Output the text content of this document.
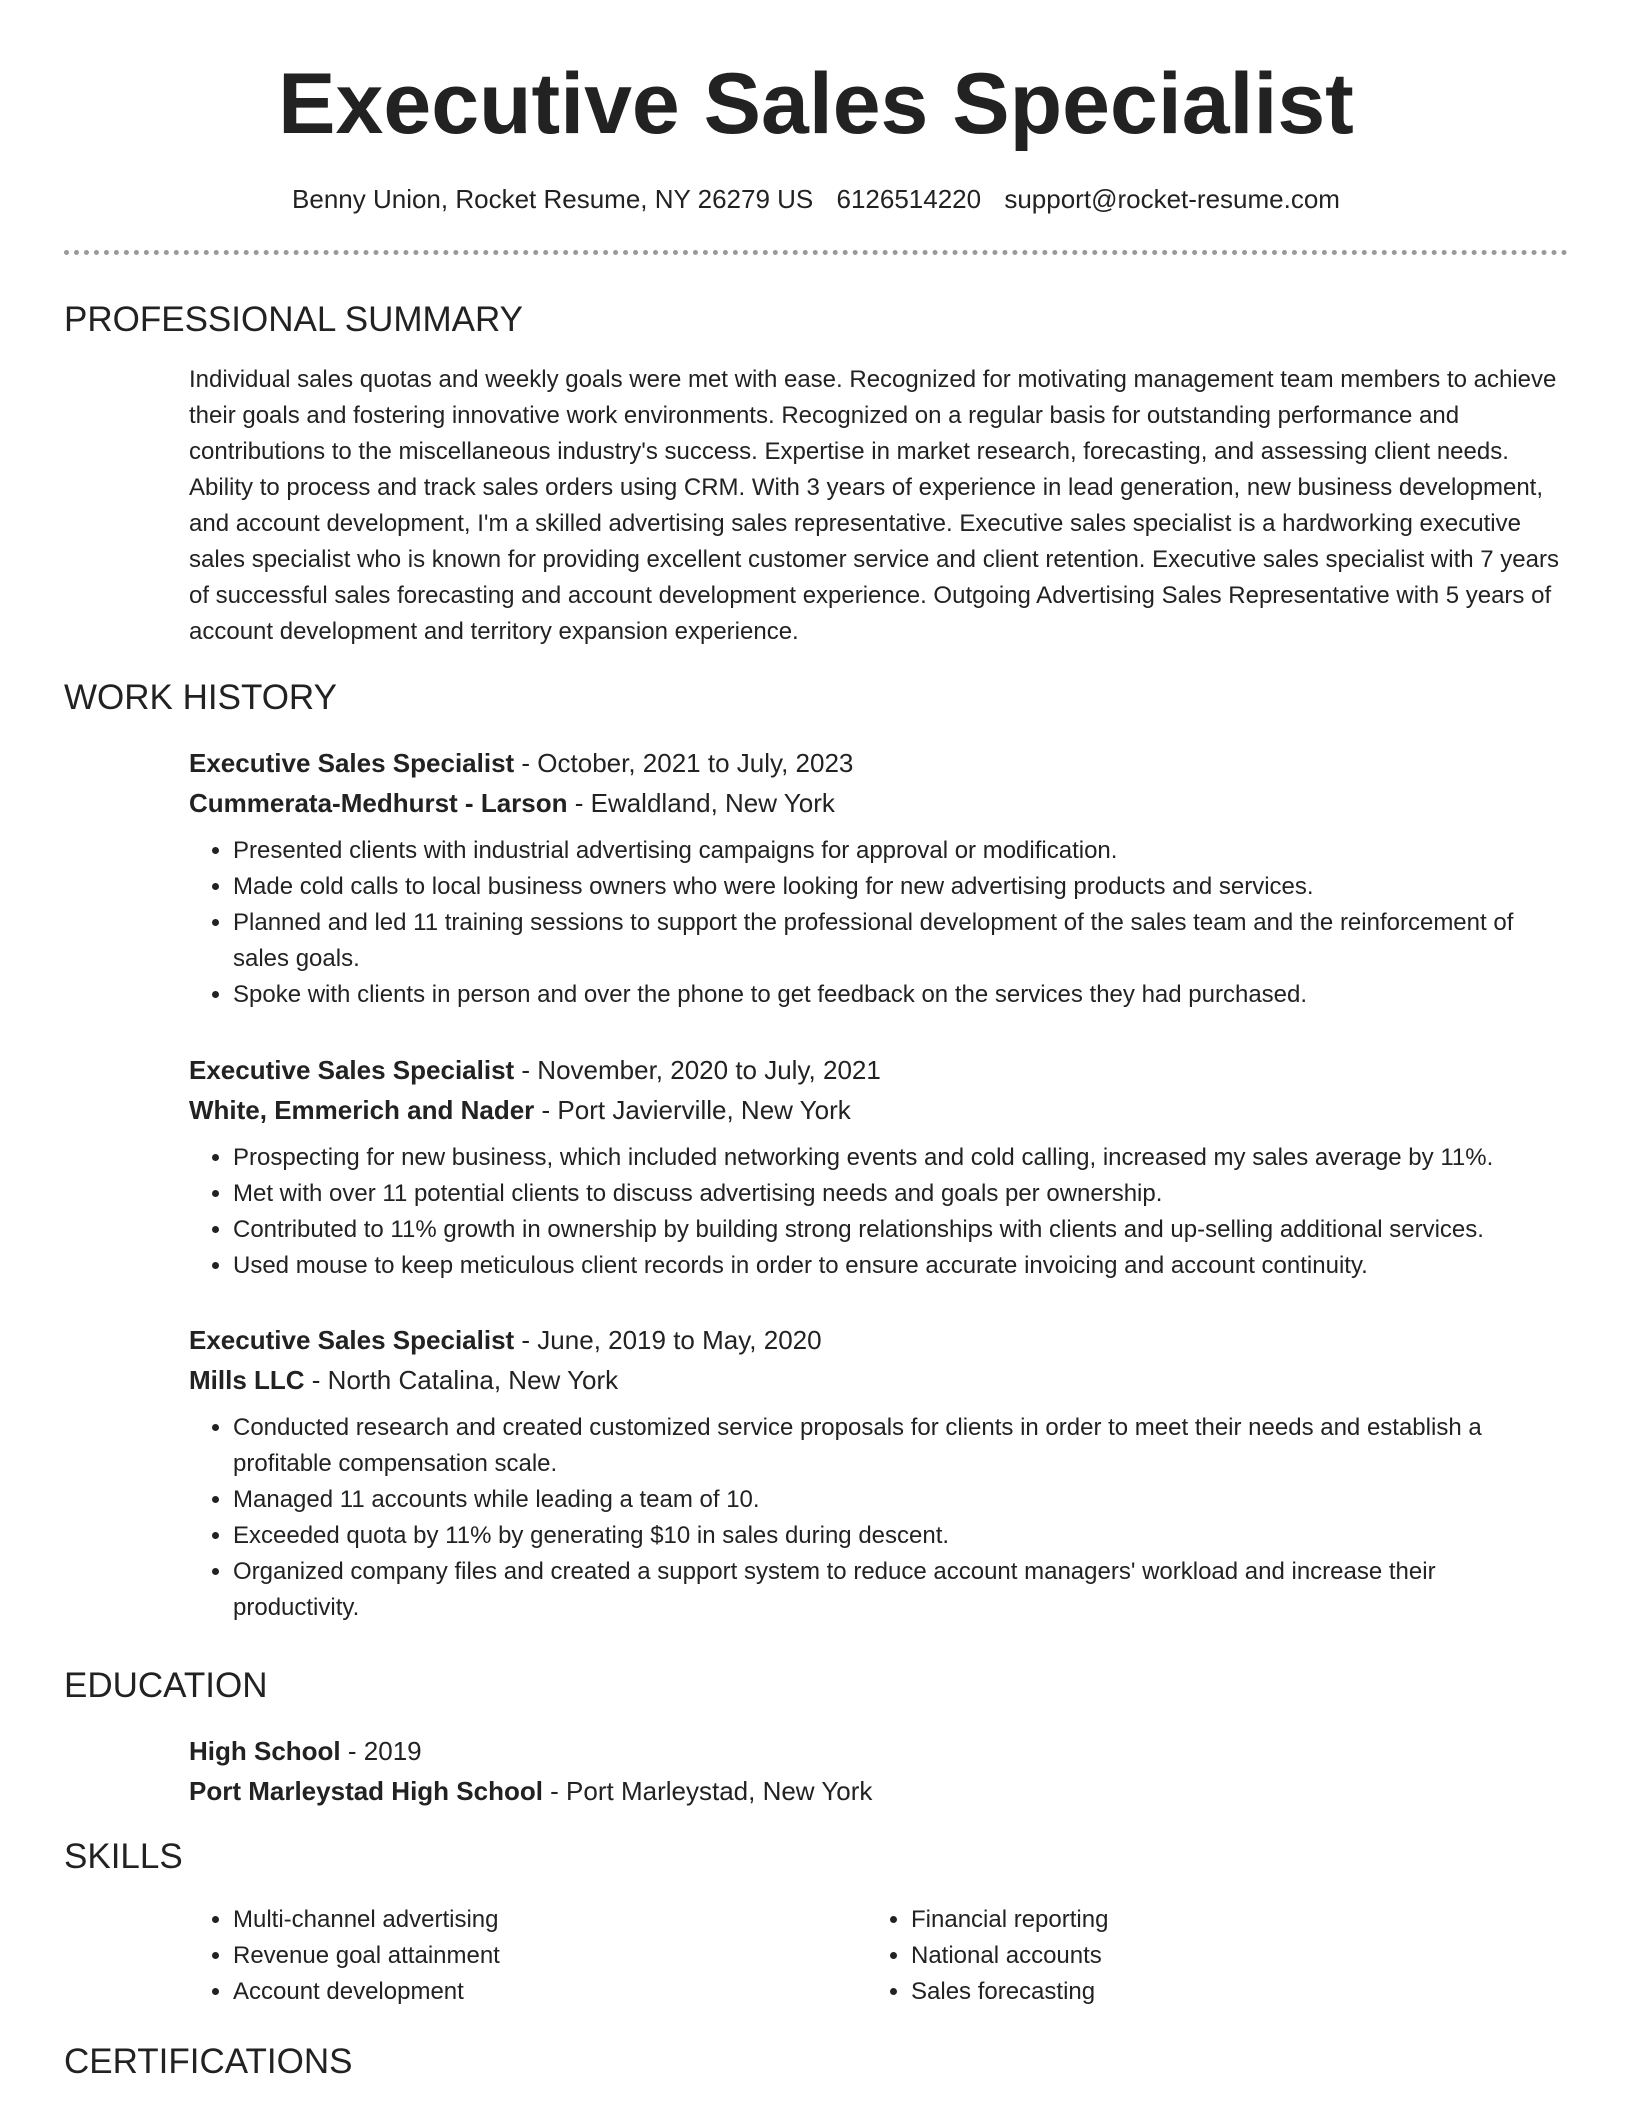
Executive Sales Specialist
Benny Union, Rocket Resume, NY 26279 US 6126514220 support@rocket-resume.com
PROFESSIONAL SUMMARY

Individual sales quotas and weekly goals were met with ease. Recognized for motivating management team members to achieve their goals and fostering innovative work environments. Recognized on a regular basis for outstanding performance and contributions to the miscellaneous industry's success. Expertise in market research, forecasting, and assessing client needs. Ability to process and track sales orders using CRM. With 3 years of experience in lead generation, new business development, and account development, I'm a skilled advertising sales representative. Executive sales specialist is a hardworking executive sales specialist who is known for providing excellent customer service and client retention. Executive sales specialist with 7 years of successful sales forecasting and account development experience. Outgoing Advertising Sales Representative with 5 years of account development and territory expansion experience.

WORK HISTORY

Executive Sales Specialist - October, 2021 to July, 2023

Cummerata-Medhurst - Larson - Ewaldland, New York

• Presented clients with industrial advertising campaigns for approval or modification.
• Made cold calls to local business owners who were looking for new advertising products and services.
• Planned and led 11 training sessions to support the professional development of the sales team and the reinforcement of sales goals.
• Spoke with clients in person and over the phone to get feedback on the services they had purchased.

Executive Sales Specialist - November, 2020 to July, 2021

White, Emmerich and Nader - Port Javierville, New York

• Prospecting for new business, which included networking events and cold calling, increased my sales average by 11%.
• Met with over 11 potential clients to discuss advertising needs and goals per ownership.
• Contributed to 11% growth in ownership by building strong relationships with clients and up-selling additional services.
• Used mouse to keep meticulous client records in order to ensure accurate invoicing and account continuity.

Executive Sales Specialist - June, 2019 to May, 2020

Mills LLC - North Catalina, New York

• Conducted research and created customized service proposals for clients in order to meet their needs and establish a profitable compensation scale.
• Managed 11 accounts while leading a team of 10.
• Exceeded quota by 11% by generating $10 in sales during descent.
• Organized company files and created a support system to reduce account managers' workload and increase their productivity.
EDUCATION

High School - 2019

Port Marleystad High School - Port Marleystad, New York

SKILLS
• Multi-channel advertising
• Revenue goal attainment
• Account development
• Financial reporting
• National accounts
• Sales forecasting
CERTIFICATIONS
